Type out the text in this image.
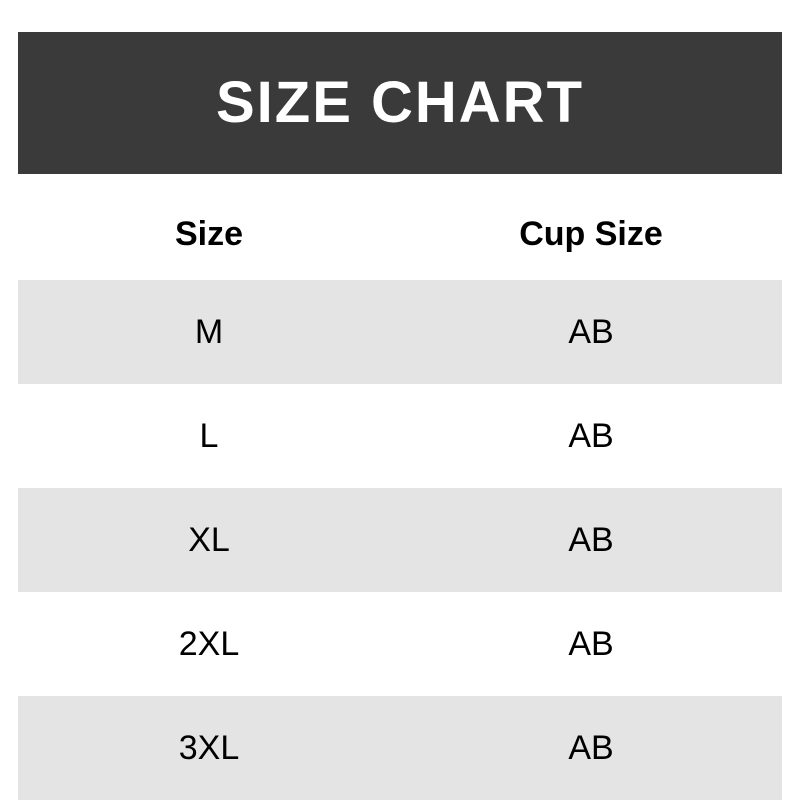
SIZE CHART
Size	Cup Size
M	AB
L	AB
XL	AB
2XL	AB
3XL	AB
